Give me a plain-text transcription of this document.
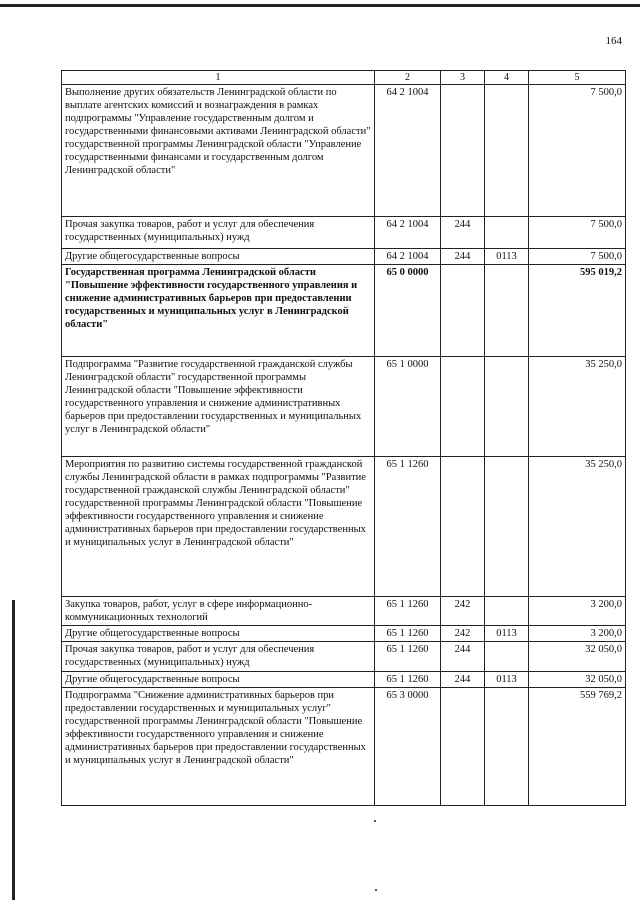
164
1	2	3	4	5
Выполнение других обязательств Ленинградской области по выплате агентских комиссий и вознаграждения в рамках подпрограммы "Управление государственным долгом и государственными финансовыми активами Ленинградской области" государственной программы Ленинградской области "Управление государственными финансами и государственным долгом Ленинградской области"	64 2 1004			7 500,0
Прочая закупка товаров, работ и услуг для обеспечения государственных (муниципальных) нужд	64 2 1004	244		7 500,0
Другие общегосударственные вопросы	64 2 1004	244	0113	7 500,0
Государственная программа Ленинградской области "Повышение эффективности государственного управления и снижение административных барьеров при предоставлении государственных и муниципальных услуг в Ленинградской области"	65 0 0000			595 019,2
Подпрограмма "Развитие государственной гражданской службы Ленинградской области" государственной программы Ленинградской области "Повышение эффективности государственного управления и снижение административных барьеров при предоставлении государственных и муниципальных услуг в Ленинградской области"	65 1 0000			35 250,0
Мероприятия по развитию системы государственной гражданской службы Ленинградской области в рамках подпрограммы "Развитие государственной гражданской службы Ленинградской области" государственной программы Ленинградской области "Повышение эффективности государственного управления и снижение административных барьеров при предоставлении государственных и муниципальных услуг в Ленинградской области"	65 1 1260			35 250,0
Закупка товаров, работ, услуг в сфере информационно-коммуникационных технологий	65 1 1260	242		3 200,0
Другие общегосударственные вопросы	65 1 1260	242	0113	3 200,0
Прочая закупка товаров, работ и услуг для обеспечения государственных (муниципальных) нужд	65 1 1260	244		32 050,0
Другие общегосударственные вопросы	65 1 1260	244	0113	32 050,0
Подпрограмма "Снижение административных барьеров при предоставлении государственных и муниципальных услуг" государственной программы Ленинградской области "Повышение эффективности государственного управления и снижение административных барьеров при предоставлении государственных и муниципальных услуг в Ленинградской области"	65 3 0000			559 769,2
